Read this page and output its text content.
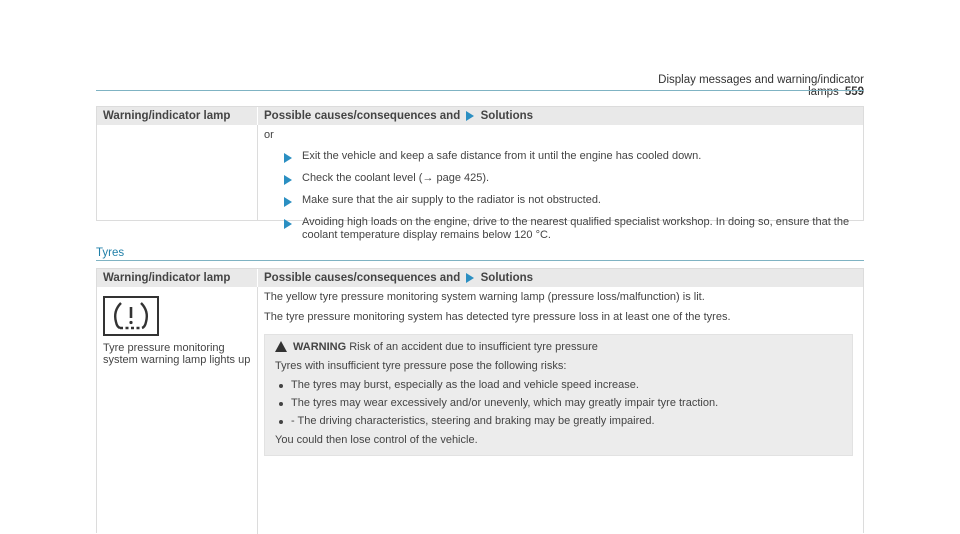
Display messages and warning/indicator lamps 559
Warning/indicator lamp	Possible causes/consequences and Solutions
or
Exit the vehicle and keep a safe distance from it until the engine has cooled down.
Check the coolant level (→ page 425).
Make sure that the air supply to the radiator is not obstructed.
Avoiding high loads on the engine, drive to the nearest qualified specialist workshop. In doing so, ensure that the coolant temperature display remains below 120 °C.
Tyres
Warning/indicator lamp	Possible causes/consequences and Solutions
Tyre pressure monitoring system warning lamp lights up
The yellow tyre pressure monitoring system warning lamp (pressure loss/malfunction) is lit.
The tyre pressure monitoring system has detected tyre pressure loss in at least one of the tyres.
WARNING Risk of an accident due to insufficient tyre pressure
Tyres with insufficient tyre pressure pose the following risks:
The tyres may burst, especially as the load and vehicle speed increase.
The tyres may wear excessively and/or unevenly, which may greatly impair tyre traction.
- The driving characteristics, steering and braking may be greatly impaired.
You could then lose control of the vehicle.
